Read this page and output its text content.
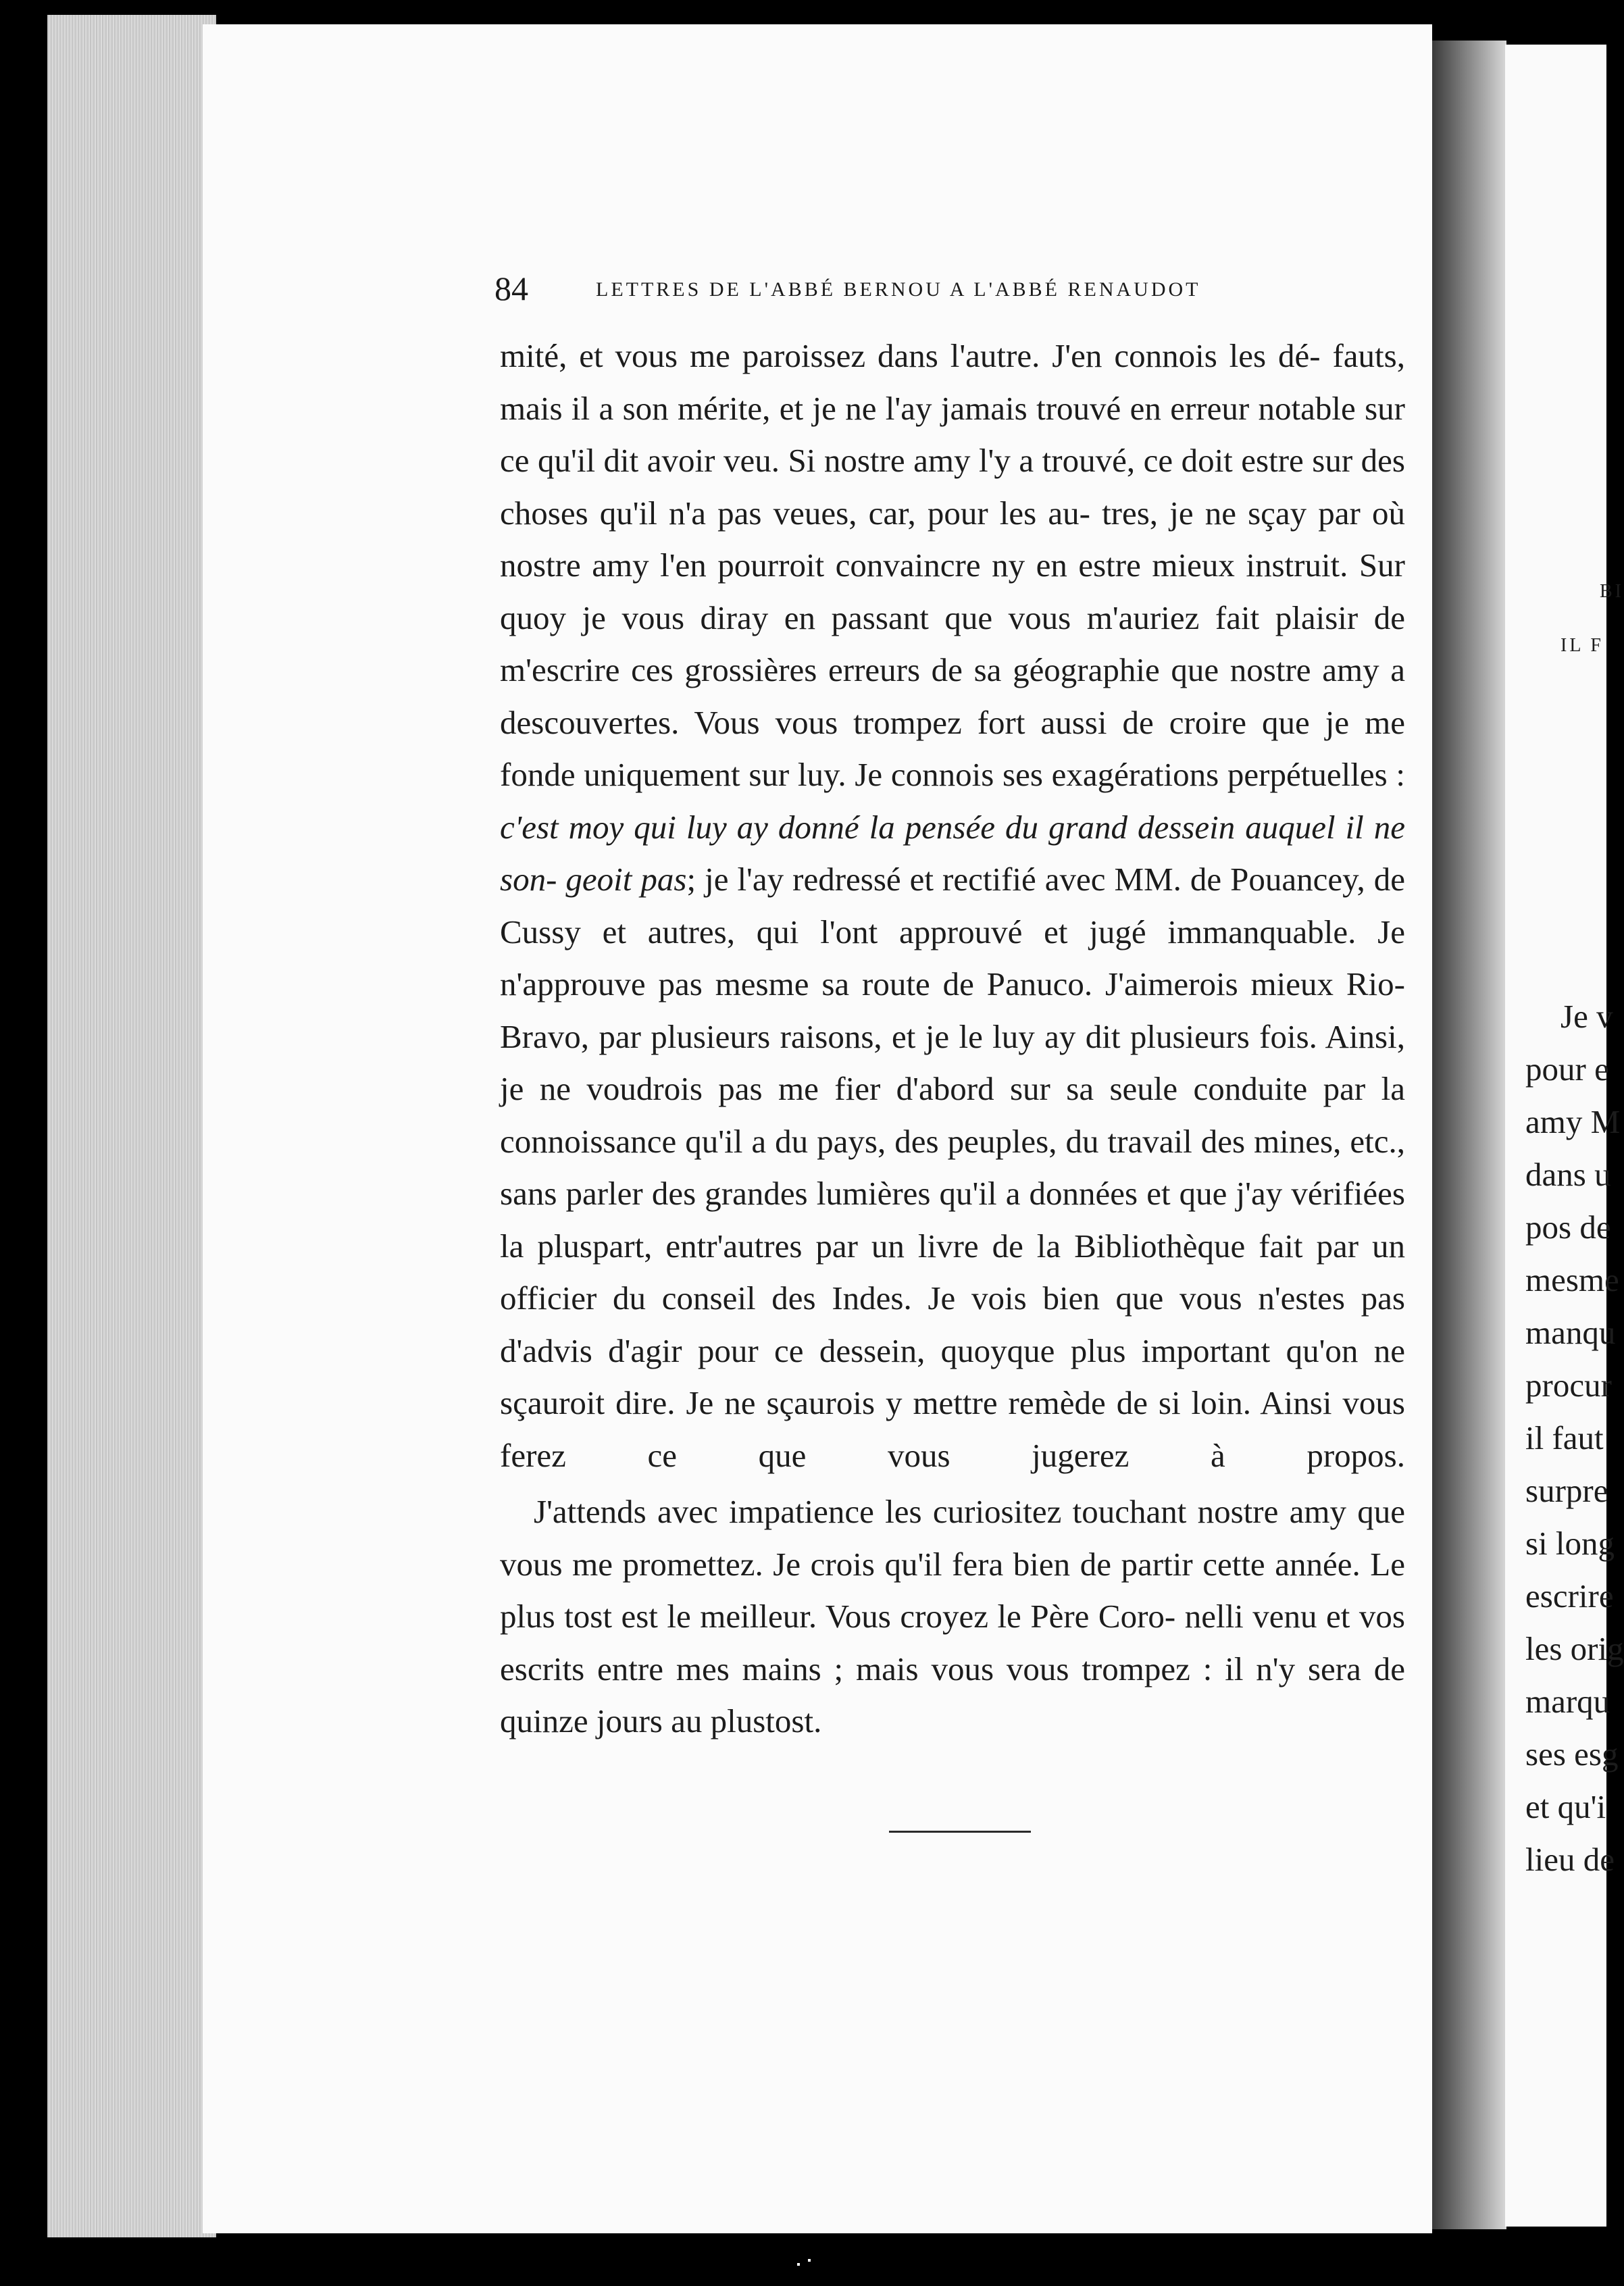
84	LETTRES DE L'ABBÉ BERNOU A L'ABBÉ RENAUDOT

mité, et vous me paroissez dans l'autre. J'en connois les dé- fauts, mais il a son mérite, et je ne l'ay jamais trouvé en erreur notable sur ce qu'il dit avoir veu. Si nostre amy l'y a trouvé, ce doit estre sur des choses qu'il n'a pas veues, car, pour les au- tres, je ne sçay par où nostre amy l'en pourroit convaincre ny en estre mieux instruit. Sur quoy je vous diray en passant que vous m'auriez fait plaisir de m'escrire ces grossières erreurs de sa géographie que nostre amy a descouvertes. Vous vous trompez fort aussi de croire que je me fonde uniquement sur luy. Je connois ses exagérations perpétuelles : c'est moy qui luy ay donné la pensée du grand dessein auquel il ne son- geoit pas; je l'ay redressé et rectifié avec MM. de Pouancey, de Cussy et autres, qui l'ont approuvé et jugé immanquable. Je n'approuve pas mesme sa route de Panuco. J'aimerois mieux Rio-Bravo, par plusieurs raisons, et je le luy ay dit plusieurs fois. Ainsi, je ne voudrois pas me fier d'abord sur sa seule conduite par la connoissance qu'il a du pays, des peuples, du travail des mines, etc., sans parler des grandes lumières qu'il a données et que j'ay vérifiées la pluspart, entr'autres par un livre de la Bibliothèque fait par un officier du conseil des Indes. Je vois bien que vous n'estes pas d'advis d'agir pour ce dessein, quoyque plus important qu'on ne sçauroit dire. Je ne sçaurois y mettre remède de si loin. Ainsi vous ferez ce que vous jugerez à propos.

J'attends avec impatience les curiositez touchant nostre amy que vous me promettez. Je crois qu'il fera bien de partir cette année. Le plus tost est le meilleur. Vous croyez le Père Coro- nelli venu et vos escrits entre mes mains ; mais vous vous trompez : il n'y sera de quinze jours au plustost.

BI
IL F
Je v
pour e
amy M
dans u
pos de
mesme
manqu
procur
il faut
surpre
si long
escrire
les orig
marqu
ses esg
et qu'i
lieu de
